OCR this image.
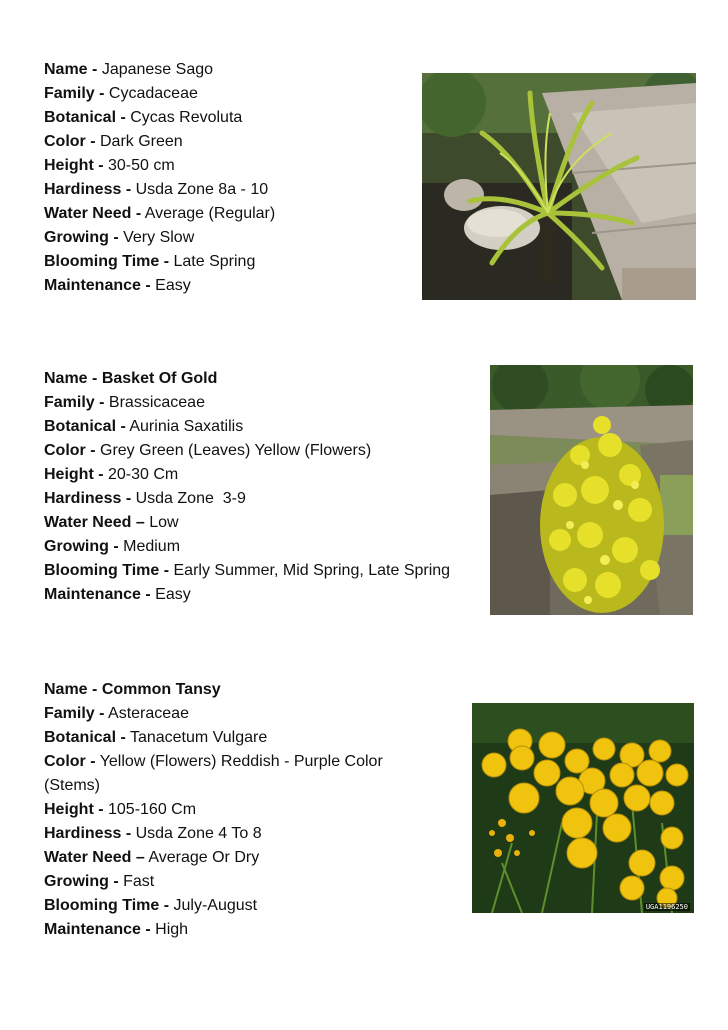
Name - Japanese Sago
Family - Cycadaceae
Botanical - Cycas Revoluta
Color - Dark Green
Height - 30-50 cm
Hardiness - Usda Zone 8a - 10
Water Need - Average (Regular)
Growing - Very Slow
Blooming Time - Late Spring
Maintenance - Easy
Name - Basket Of Gold
Family - Brassicaceae
Botanical - Aurinia Saxatilis
Color - Grey Green (Leaves) Yellow (Flowers)
Height - 20-30 Cm
Hardiness - Usda Zone  3-9
Water Need – Low
Growing - Medium
Blooming Time - Early Summer, Mid Spring, Late Spring
Maintenance - Easy
Name - Common Tansy
Family - Asteraceae
Botanical - Tanacetum Vulgare
Color - Yellow (Flowers) Reddish - Purple Color (Stems)
Height - 105-160 Cm
Hardiness - Usda Zone 4 To 8
Water Need – Average Or Dry
Growing - Fast
Blooming Time - July-August
Maintenance - High
UGA1196250
